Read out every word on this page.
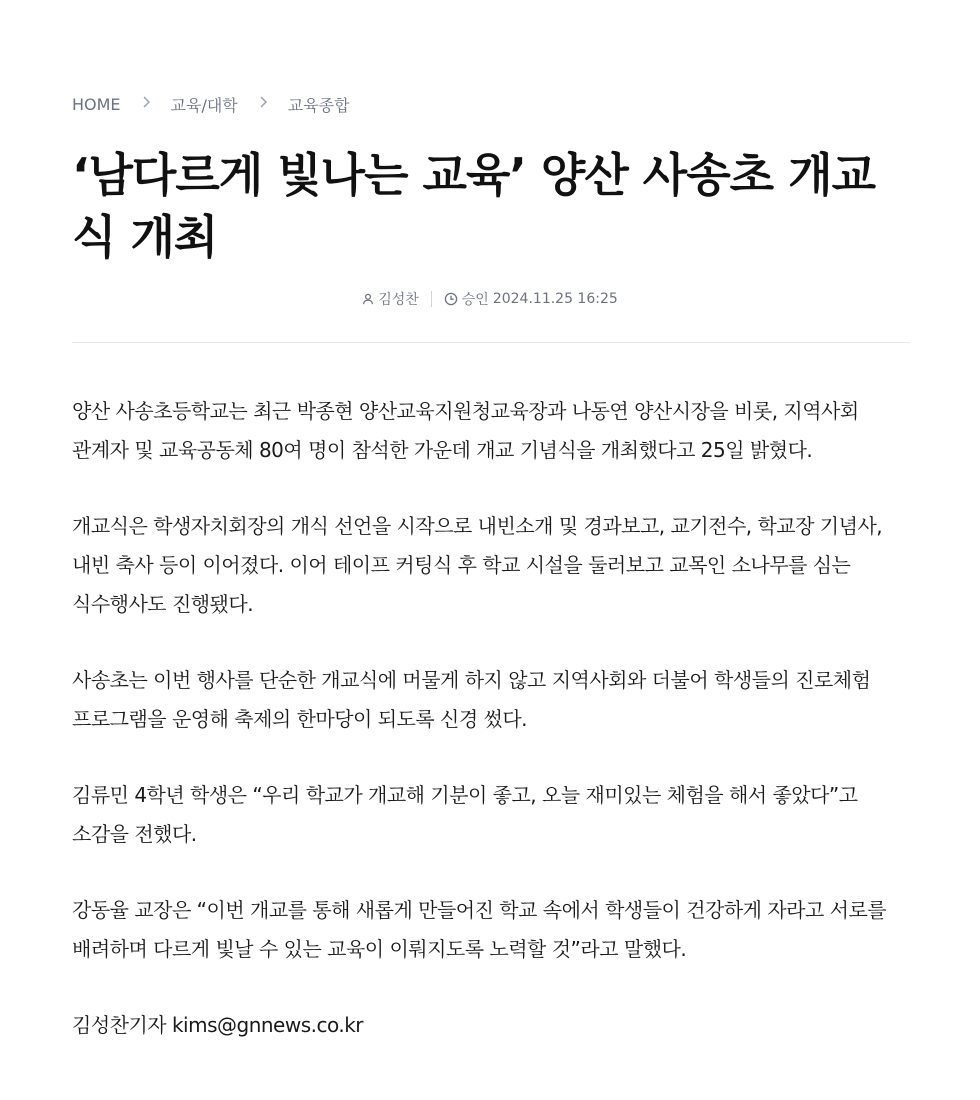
HOME	교육/대학	교육종합
‘남다르게 빛나는 교육’ 양산 사송초 개교식 개최
김성찬	승인 2024.11.25 16:25

양산 사송초등학교는 최근 박종현 양산교육지원청교육장과 나동연 양산시장을 비롯, 지역사회 관계자 및 교육공동체 80여 명이 참석한 가운데 개교 기념식을 개최했다고 25일 밝혔다.

개교식은 학생자치회장의 개식 선언을 시작으로 내빈소개 및 경과보고, 교기전수, 학교장 기념사, 내빈 축사 등이 이어졌다. 이어 테이프 커팅식 후 학교 시설을 둘러보고 교목인 소나무를 심는 식수행사도 진행됐다.

사송초는 이번 행사를 단순한 개교식에 머물게 하지 않고 지역사회와 더불어 학생들의 진로체험 프로그램을 운영해 축제의 한마당이 되도록 신경 썼다.

김류민 4학년 학생은 “우리 학교가 개교해 기분이 좋고, 오늘 재미있는 체험을 해서 좋았다”고 소감을 전했다.

강동율 교장은 “이번 개교를 통해 새롭게 만들어진 학교 속에서 학생들이 건강하게 자라고 서로를 배려하며 다르게 빛날 수 있는 교육이 이뤄지도록 노력할 것”라고 말했다.

김성찬기자 kims@gnnews.co.kr
